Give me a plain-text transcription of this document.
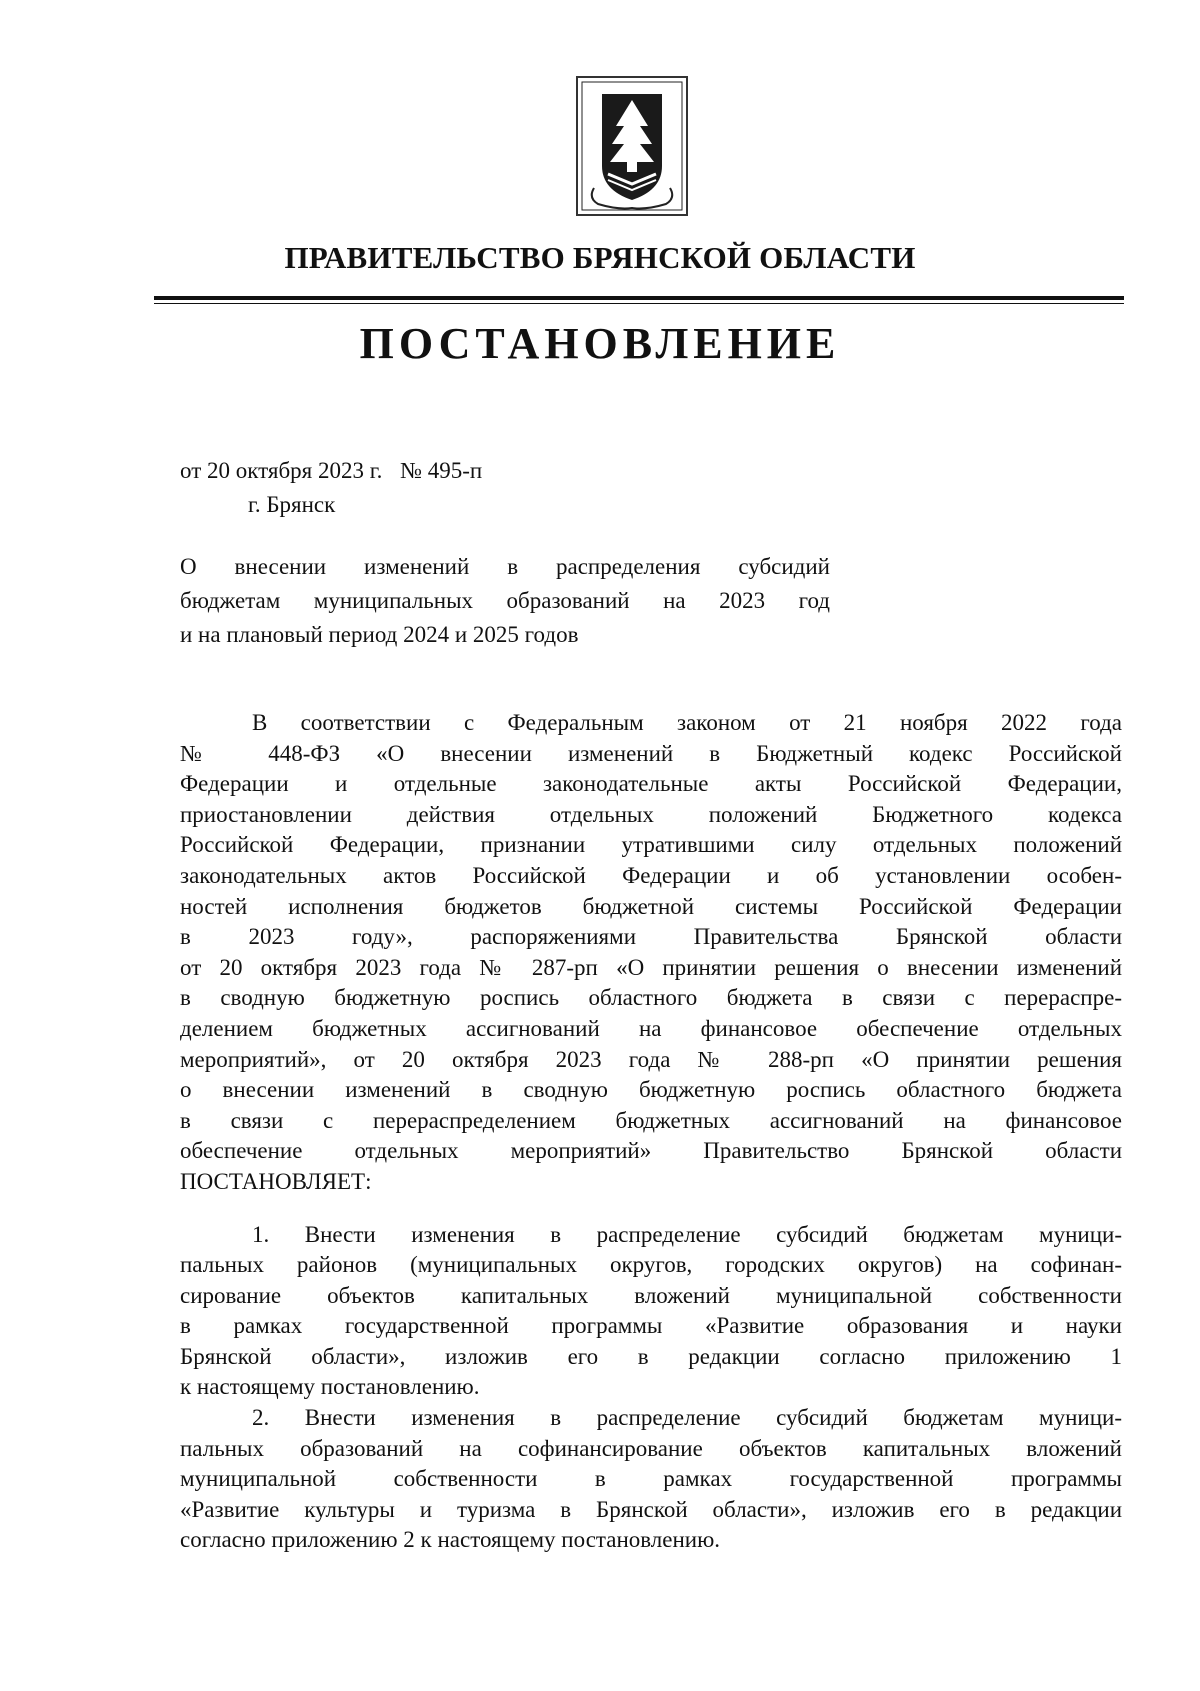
ПРАВИТЕЛЬСТВО БРЯНСКОЙ ОБЛАСТИ
ПОСТАНОВЛЕНИЕ
от 20 октября 2023 г. № 495-п
г. Брянск
О внесении изменений в распределения субсидий
бюджетам муниципальных образований на 2023 год
и на плановый период 2024 и 2025 годов
В соответствии с Федеральным законом от 21 ноября 2022 года
№ 448-ФЗ «О внесении изменений в Бюджетный кодекс Российской
Федерации и отдельные законодательные акты Российской Федерации,
приостановлении действия отдельных положений Бюджетного кодекса
Российской Федерации, признании утратившими силу отдельных положений
законодательных актов Российской Федерации и об установлении особен-
ностей исполнения бюджетов бюджетной системы Российской Федерации
в 2023 году», распоряжениями Правительства Брянской области
от 20 октября 2023 года № 287-рп «О принятии решения о внесении изменений
в сводную бюджетную роспись областного бюджета в связи с перераспре-
делением бюджетных ассигнований на финансовое обеспечение отдельных
мероприятий», от 20 октября 2023 года № 288-рп «О принятии решения
о внесении изменений в сводную бюджетную роспись областного бюджета
в связи с перераспределением бюджетных ассигнований на финансовое
обеспечение отдельных мероприятий» Правительство Брянской области
ПОСТАНОВЛЯЕТ:
1. Внести изменения в распределение субсидий бюджетам муници-
пальных районов (муниципальных округов, городских округов) на софинан-
сирование объектов капитальных вложений муниципальной собственности
в рамках государственной программы «Развитие образования и науки
Брянской области», изложив его в редакции согласно приложению 1
к настоящему постановлению.
2. Внести изменения в распределение субсидий бюджетам муници-
пальных образований на софинансирование объектов капитальных вложений
муниципальной собственности в рамках государственной программы
«Развитие культуры и туризма в Брянской области», изложив его в редакции
согласно приложению 2 к настоящему постановлению.
